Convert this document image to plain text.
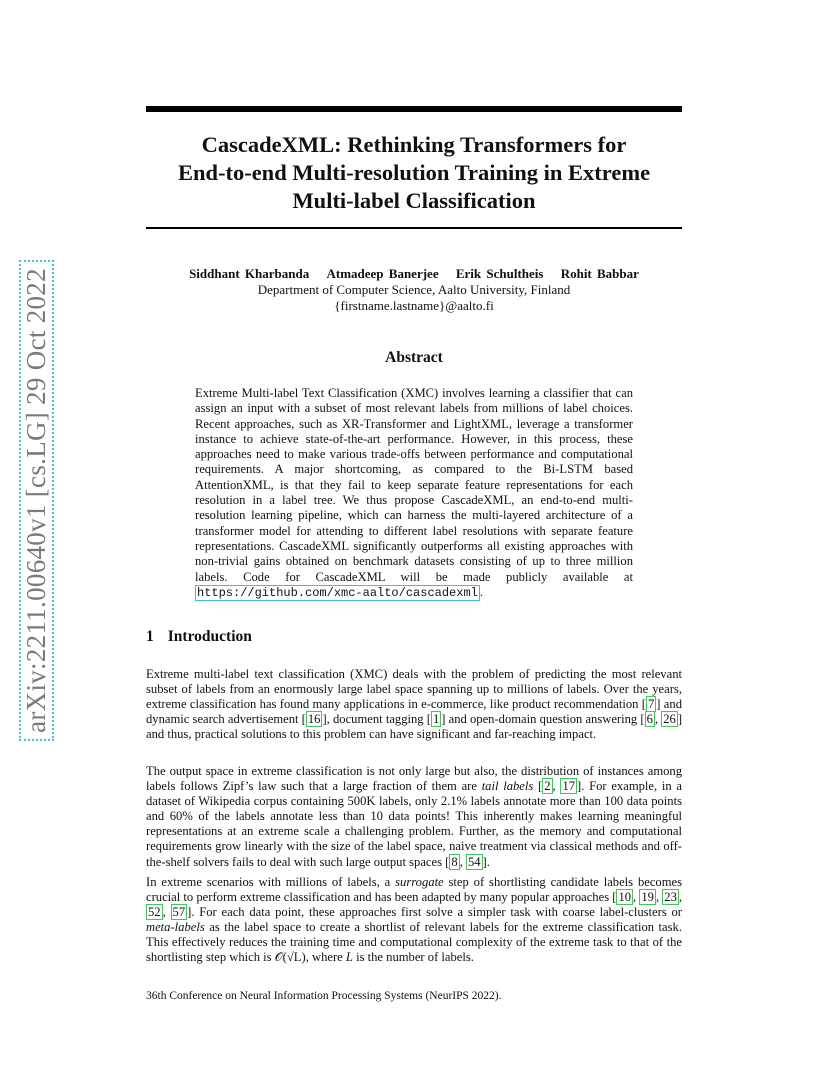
arXiv:2211.00640v1 [cs.LG] 29 Oct 2022
CascadeXML: Rethinking Transformers for
End-to-end Multi-resolution Training in Extreme
Multi-label Classification
Siddhant Kharbanda Atmadeep Banerjee Erik Schultheis Rohit Babbar
Department of Computer Science, Aalto University, Finland
{firstname.lastname}@aalto.fi
Abstract

Extreme Multi-label Text Classification (XMC) involves learning a classifier that can assign an input with a subset of most relevant labels from millions of label choices. Recent approaches, such as XR-Transformer and LightXML, leverage a transformer instance to achieve state-of-the-art performance. However, in this process, these approaches need to make various trade-offs between performance and computational requirements. A major shortcoming, as compared to the Bi-LSTM based AttentionXML, is that they fail to keep separate feature representations for each resolution in a label tree. We thus propose CascadeXML, an end-to-end multi-resolution learning pipeline, which can harness the multi-layered architecture of a transformer model for attending to different label resolutions with separate feature representations. CascadeXML significantly outperforms all existing approaches with non-trivial gains obtained on benchmark datasets consisting of up to three million labels. Code for CascadeXML will be made publicly available at https://github.com/xmc-aalto/cascadexml .

1 Introduction

Extreme multi-label text classification (XMC) deals with the problem of predicting the most relevant subset of labels from an enormously large label space spanning up to millions of labels. Over the years, extreme classification has found many applications in e-commerce, like product recommendation [ 7 ] and dynamic search advertisement [ 16 ], document tagging [ 1 ] and open-domain question answering [ 6 , 26 ] and thus, practical solutions to this problem can have significant and far-reaching impact.

The output space in extreme classification is not only large but also, the distribution of instances among labels follows Zipf’s law such that a large fraction of them are tail labels [ 2 , 17 ]. For example, in a dataset of Wikipedia corpus containing 500K labels, only 2.1% labels annotate more than 100 data points and 60% of the labels annotate less than 10 data points! This inherently makes learning meaningful representations at an extreme scale a challenging problem. Further, as the memory and computational requirements grow linearly with the size of the label space, naive treatment via classical methods and off-the-shelf solvers fails to deal with such large output spaces [ 8 , 54 ].

In extreme scenarios with millions of labels, a surrogate step of shortlisting candidate labels becomes crucial to perform extreme classification and has been adapted by many popular approaches [ 10 , 19 , 23 , 52 , 57 ]. For each data point, these approaches first solve a simpler task with coarse label-clusters or meta-labels as the label space to create a shortlist of relevant labels for the extreme classification task. This effectively reduces the training time and computational complexity of the extreme task to that of the shortlisting step which is 𝒪(√L), where L is the number of labels.

36th Conference on Neural Information Processing Systems (NeurIPS 2022).
